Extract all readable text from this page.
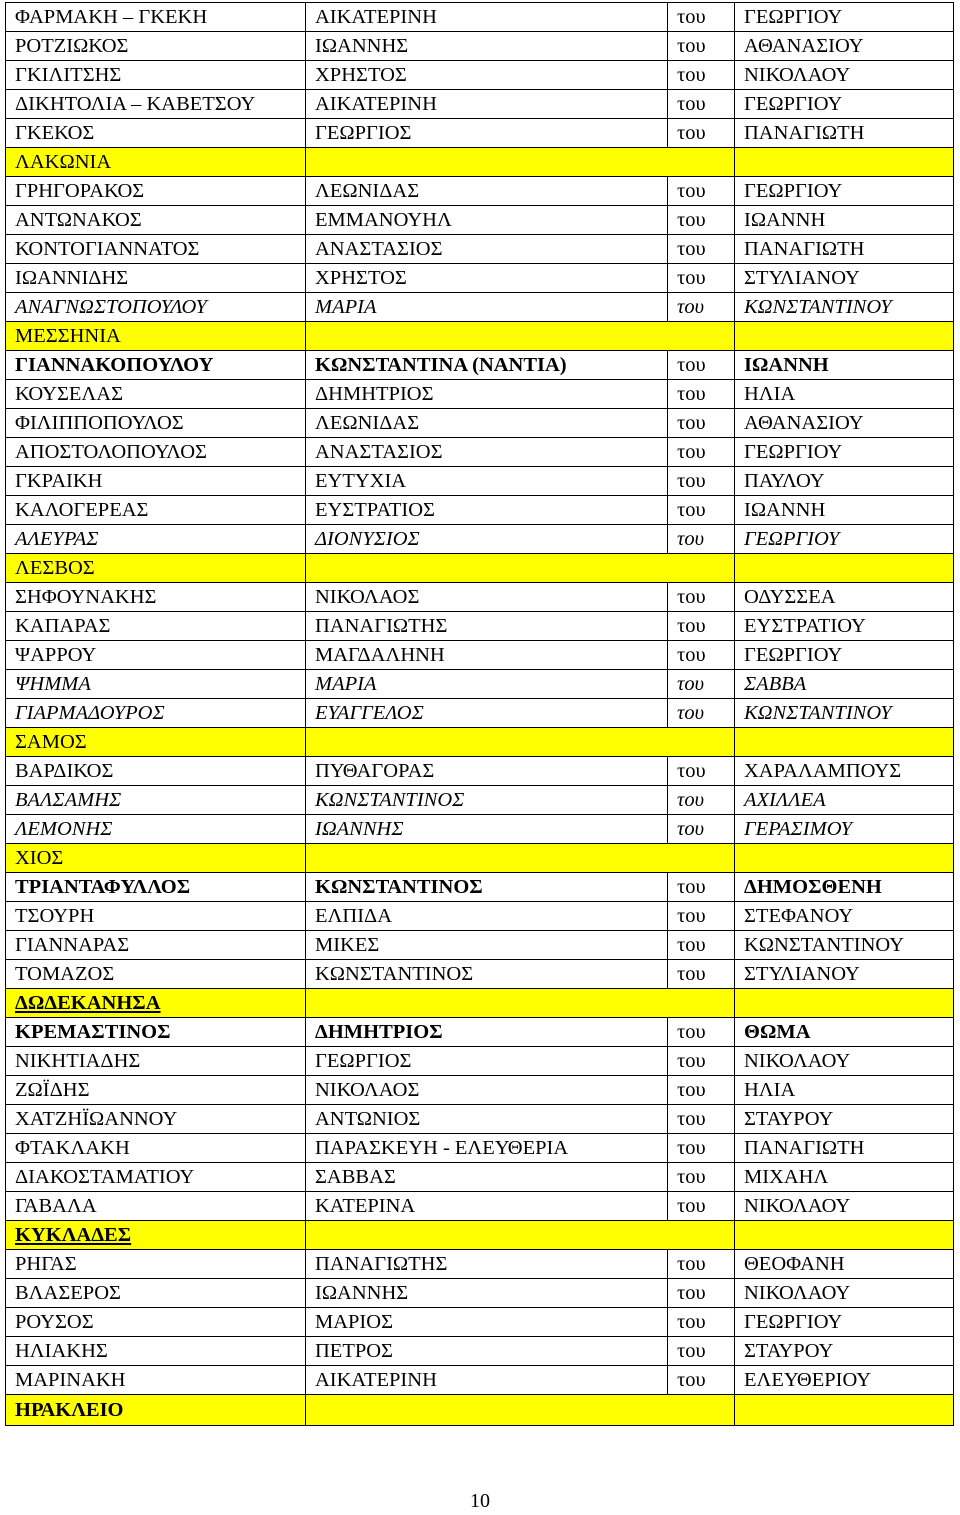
ΦΑΡΜΑΚΗ – ΓΚΕΚΗ	ΑΙΚΑΤΕΡΙΝΗ	του	ΓΕΩΡΓΙΟΥ
ΡΟΤΖΙΩΚΟΣ	ΙΩΑΝΝΗΣ	του	ΑΘΑΝΑΣΙΟΥ
ΓΚΙΛΙΤΣΗΣ	ΧΡΗΣΤΟΣ	του	ΝΙΚΟΛΑΟΥ
ΔΙΚΗΤΟΛΙΑ – ΚΑΒΕΤΣΟΥ	ΑΙΚΑΤΕΡΙΝΗ	του	ΓΕΩΡΓΙΟΥ
ΓΚΕΚΟΣ	ΓΕΩΡΓΙΟΣ	του	ΠΑΝΑΓΙΩΤΗ
ΛΑΚΩΝΙΑ			
ΓΡΗΓΟΡΑΚΟΣ	ΛΕΩΝΙΔΑΣ	του	ΓΕΩΡΓΙΟΥ
ΑΝΤΩΝΑΚΟΣ	ΕΜΜΑΝΟΥΗΛ	του	ΙΩΑΝΝΗ
ΚΟΝΤΟΓΙΑΝΝΑΤΟΣ	ΑΝΑΣΤΑΣΙΟΣ	του	ΠΑΝΑΓΙΩΤΗ
ΙΩΑΝΝΙΔΗΣ	ΧΡΗΣΤΟΣ	του	ΣΤΥΛΙΑΝΟΥ
ΑΝΑΓΝΩΣΤΟΠΟΥΛΟΥ	ΜΑΡΙΑ	του	ΚΩΝΣΤΑΝΤΙΝΟΥ
ΜΕΣΣΗΝΙΑ			
ΓΙΑΝΝΑΚΟΠΟΥΛΟΥ	ΚΩΝΣΤΑΝΤΙΝΑ (ΝΑΝΤΙΑ)	του	ΙΩΑΝΝΗ
ΚΟΥΣΕΛΑΣ	ΔΗΜΗΤΡΙΟΣ	του	ΗΛΙΑ
ΦΙΛΙΠΠΟΠΟΥΛΟΣ	ΛΕΩΝΙΔΑΣ	του	ΑΘΑΝΑΣΙΟΥ
ΑΠΟΣΤΟΛΟΠΟΥΛΟΣ	ΑΝΑΣΤΑΣΙΟΣ	του	ΓΕΩΡΓΙΟΥ
ΓΚΡΑΙΚΗ	ΕΥΤΥΧΙΑ	του	ΠΑΥΛΟΥ
ΚΑΛΟΓΕΡΕΑΣ	ΕΥΣΤΡΑΤΙΟΣ	του	ΙΩΑΝΝΗ
ΑΛΕΥΡΑΣ	ΔΙΟΝΥΣΙΟΣ	του	ΓΕΩΡΓΙΟΥ
ΛΕΣΒΟΣ			
ΣΗΦΟΥΝΑΚΗΣ	ΝΙΚΟΛΑΟΣ	του	ΟΔΥΣΣΕΑ
ΚΑΠΑΡΑΣ	ΠΑΝΑΓΙΩΤΗΣ	του	ΕΥΣΤΡΑΤΙΟΥ
ΨΑΡΡΟΥ	ΜΑΓΔΑΛΗΝΗ	του	ΓΕΩΡΓΙΟΥ
ΨΗΜΜΑ	ΜΑΡΙΑ	του	ΣΑΒΒΑ
ΓΙΑΡΜΑΔΟΥΡΟΣ	ΕΥΑΓΓΕΛΟΣ	του	ΚΩΝΣΤΑΝΤΙΝΟΥ
ΣΑΜΟΣ			
ΒΑΡΔΙΚΟΣ	ΠΥΘΑΓΟΡΑΣ	του	ΧΑΡΑΛΑΜΠΟΥΣ
ΒΑΛΣΑΜΗΣ	ΚΩΝΣΤΑΝΤΙΝΟΣ	του	ΑΧΙΛΛΕΑ
ΛΕΜΟΝΗΣ	ΙΩΑΝΝΗΣ	του	ΓΕΡΑΣΙΜΟΥ
ΧΙΟΣ			
ΤΡΙΑΝΤΑΦΥΛΛΟΣ	ΚΩΝΣΤΑΝΤΙΝΟΣ	του	ΔΗΜΟΣΘΕΝΗ
ΤΣΟΥΡΗ	ΕΛΠΙΔΑ	του	ΣΤΕΦΑΝΟΥ
ΓΙΑΝΝΑΡΑΣ	ΜΙΚΕΣ	του	ΚΩΝΣΤΑΝΤΙΝΟΥ
ΤΟΜΑΖΟΣ	ΚΩΝΣΤΑΝΤΙΝΟΣ	του	ΣΤΥΛΙΑΝΟΥ
ΔΩΔΕΚΑΝΗΣΑ			
ΚΡΕΜΑΣΤΙΝΟΣ	ΔΗΜΗΤΡΙΟΣ	του	ΘΩΜΑ
ΝΙΚΗΤΙΑΔΗΣ	ΓΕΩΡΓΙΟΣ	του	ΝΙΚΟΛΑΟΥ
ΖΩΪΔΗΣ	ΝΙΚΟΛΑΟΣ	του	ΗΛΙΑ
ΧΑΤΖΗΪΩΑΝΝΟΥ	ΑΝΤΩΝΙΟΣ	του	ΣΤΑΥΡΟΥ
ΦΤΑΚΛΑΚΗ	ΠΑΡΑΣΚΕΥΗ - ΕΛΕΥΘΕΡΙΑ	του	ΠΑΝΑΓΙΩΤΗ
ΔΙΑΚΟΣΤΑΜΑΤΙΟΥ	ΣΑΒΒΑΣ	του	ΜΙΧΑΗΛ
ΓΑΒΑΛΑ	ΚΑΤΕΡΙΝΑ	του	ΝΙΚΟΛΑΟΥ
ΚΥΚΛΑΔΕΣ			
ΡΗΓΑΣ	ΠΑΝΑΓΙΩΤΗΣ	του	ΘΕΟΦΑΝΗ
ΒΛΑΣΕΡΟΣ	ΙΩΑΝΝΗΣ	του	ΝΙΚΟΛΑΟΥ
ΡΟΥΣΟΣ	ΜΑΡΙΟΣ	του	ΓΕΩΡΓΙΟΥ
ΗΛΙΑΚΗΣ	ΠΕΤΡΟΣ	του	ΣΤΑΥΡΟΥ
ΜΑΡΙΝΑΚΗ	ΑΙΚΑΤΕΡΙΝΗ	του	ΕΛΕΥΘΕΡΙΟΥ
ΗΡΑΚΛΕΙΟ			
10
